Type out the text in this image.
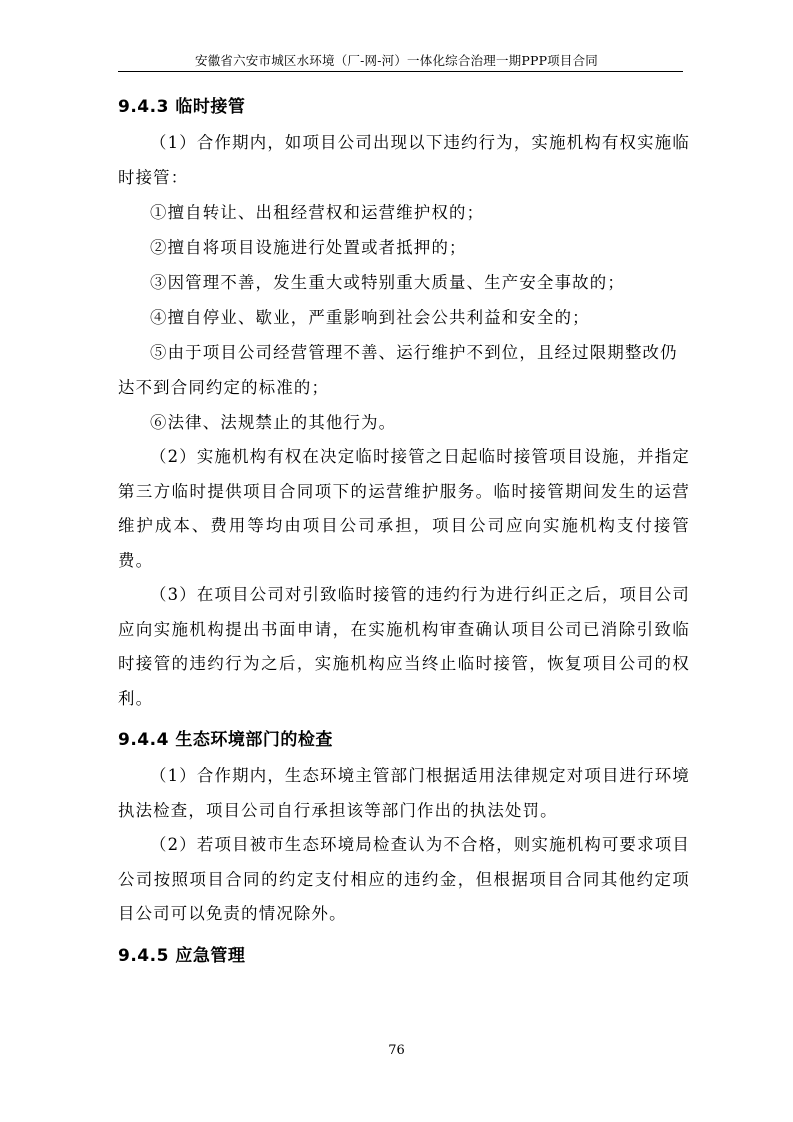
安徽省六安市城区水环境（厂-网-河）一体化综合治理一期PPP项目合同
9.4.3 临时接管

（1）合作期内，如项目公司出现以下违约行为，实施机构有权实施临时接管：

①擅自转让、出租经营权和运营维护权的；

②擅自将项目设施进行处置或者抵押的；

③因管理不善，发生重大或特别重大质量、生产安全事故的；

④擅自停业、歇业，严重影响到社会公共利益和安全的；

⑤由于项目公司经营管理不善、运行维护不到位，且经过限期整改仍达不到合同约定的标准的；

⑥法律、法规禁止的其他行为。

（2）实施机构有权在决定临时接管之日起临时接管项目设施，并指定第三方临时提供项目合同项下的运营维护服务。临时接管期间发生的运营维护成本、费用等均由项目公司承担，项目公司应向实施机构支付接管费。

（3）在项目公司对引致临时接管的违约行为进行纠正之后，项目公司应向实施机构提出书面申请，在实施机构审查确认项目公司已消除引致临时接管的违约行为之后，实施机构应当终止临时接管，恢复项目公司的权利。

9.4.4 生态环境部门的检查

（1）合作期内，生态环境主管部门根据适用法律规定对项目进行环境执法检查，项目公司自行承担该等部门作出的执法处罚。

（2）若项目被市生态环境局检查认为不合格，则实施机构可要求项目公司按照项目合同的约定支付相应的违约金，但根据项目合同其他约定项目公司可以免责的情况除外。

9.4.5 应急管理
76
